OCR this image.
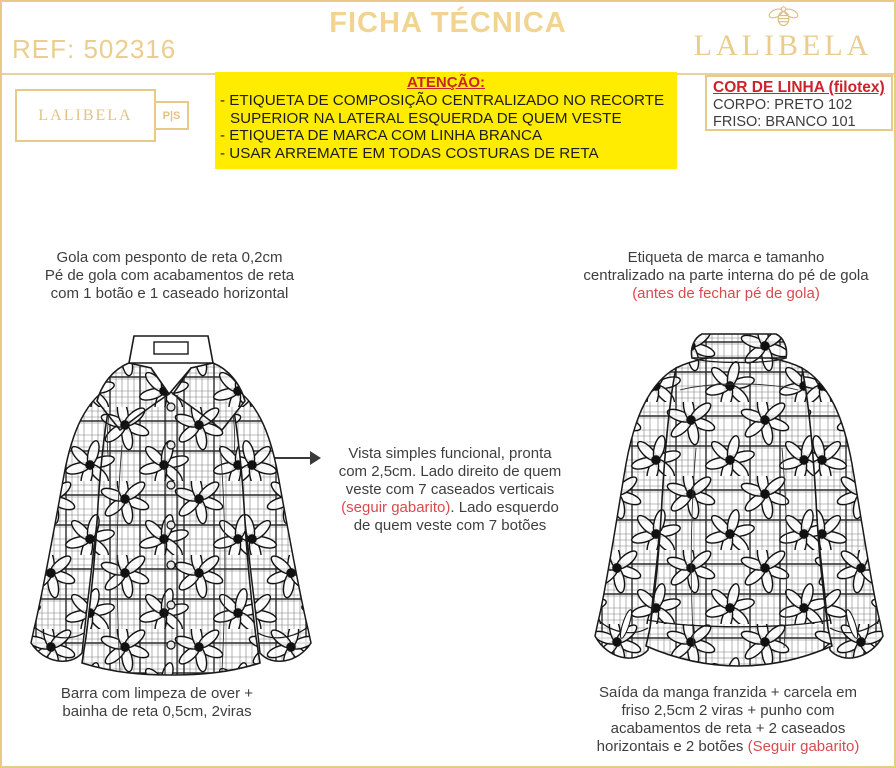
REF: 502316
FICHA TÉCNICA
LALIBELA
LALIBELA	P|S
ATENÇÃO:
- ETIQUETA DE COMPOSIÇÃO CENTRALIZADO NO RECORTE
SUPERIOR NA LATERAL ESQUERDA DE QUEM VESTE
- ETIQUETA DE MARCA COM LINHA BRANCA
- USAR ARREMATE EM TODAS COSTURAS DE RETA
COR DE LINHA (filotex)
CORPO: PRETO 102
FRISO: BRANCO 101
Gola com pesponto de reta 0,2cm
Pé de gola com acabamentos de reta
com 1 botão e 1 caseado horizontal
Etiqueta de marca e tamanho
centralizado na parte interna do pé de gola
(antes de fechar pé de gola)
Vista simples funcional, pronta
com 2,5cm. Lado direito de quem
veste com 7 caseados verticais
(seguir gabarito). Lado esquerdo
de quem veste com 7 botões
Barra com limpeza de over +
bainha de reta 0,5cm, 2viras
Saída da manga franzida + carcela em
friso 2,5cm 2 viras + punho com
acabamentos de reta + 2 caseados
horizontais e 2 botões (Seguir gabarito)
